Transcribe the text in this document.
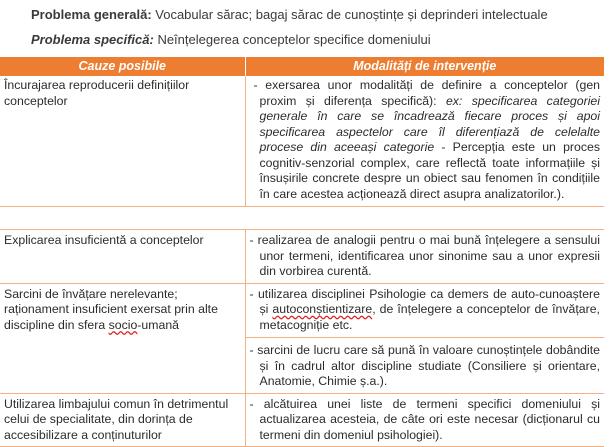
Problema generală: Vocabular sărac; bagaj sărac de cunoștințe și deprinderi intelectuale
Problema specifică: Neînțelegerea conceptelor specifice domeniului
Cauze posibile	Modalități de intervenție
Încurajarea reproducerii definițiilor conceptelor	- exersarea unor modalități de definire a conceptelor (gen proxim și diferența specifică): ex: specificarea categoriei generale în care se încadrează fiecare proces și apoi specificarea aspectelor care îl diferențiază de celelalte procese din aceeași categorie - Percepția este un proces cognitiv-senzorial complex, care reflectă toate informațiile și însușirile concrete despre un obiect sau fenomen în condițiile în care acestea acționează direct asupra analizatorilor.).
Explicarea insuficientă a conceptelor	- realizarea de analogii pentru o mai bună înțelegere a sensului unor termeni, identificarea unor sinonime sau a unor expresii din vorbirea curentă.

Sarcini de învățare nerelevante; raționament insuficient exersat prin alte discipline din sfera socio-umană	- utilizarea disciplinei Psihologie ca demers de auto-cunoaștere și autoconștientizare, de înțelegere a conceptelor de învățare, metacogniție etc.
- sarcini de lucru care să pună în valoare cunoștințele dobândite și în cadrul altor discipline studiate (Consiliere și orientare, Anatomie, Chimie ș.a.).

Utilizarea limbajului comun în detrimentul celui de specialitate, din dorința de accesibilizare a conținuturilor	- alcătuirea unei liste de termeni specifici domeniului și actualizarea acesteia, de câte ori este necesar (dicționarul cu termeni din domeniul psihologiei).
